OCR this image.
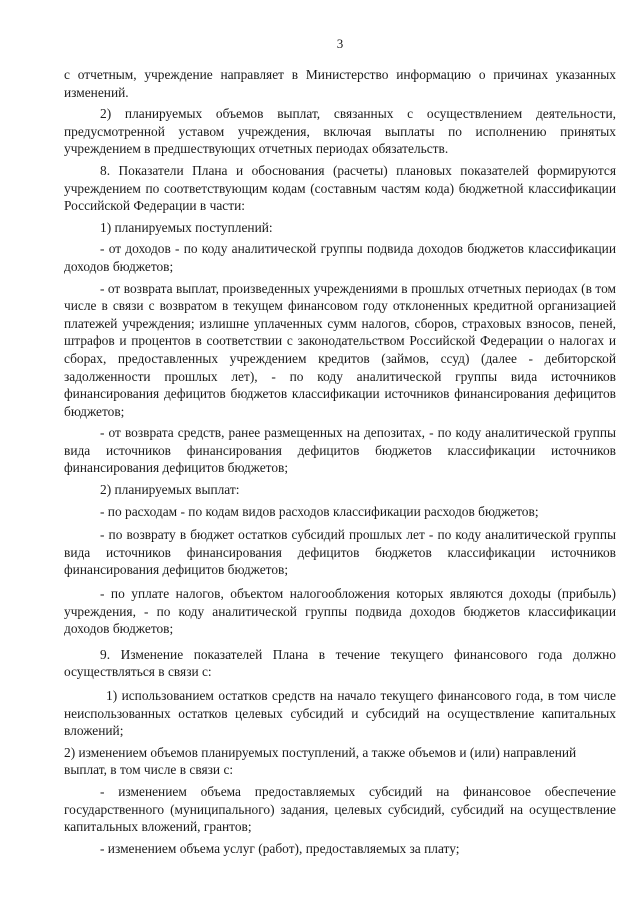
3

с отчетным, учреждение направляет в Министерство информацию о причинах указанных изменений.

2) планируемых объемов выплат, связанных с осуществлением деятельности, предусмотренной уставом учреждения, включая выплаты по исполнению принятых учреждением в предшествующих отчетных периодах обязательств.

8. Показатели Плана и обоснования (расчеты) плановых показателей формируются учреждением по соответствующим кодам (составным частям кода) бюджетной классификации Российской Федерации в части:

1) планируемых поступлений:

- от доходов - по коду аналитической группы подвида доходов бюджетов классификации доходов бюджетов;

- от возврата выплат, произведенных учреждениями в прошлых отчетных периодах (в том числе в связи с возвратом в текущем финансовом году отклоненных кредитной организацией платежей учреждения; излишне уплаченных сумм налогов, сборов, страховых взносов, пеней, штрафов и процентов в соответствии с законодательством Российской Федерации о налогах и сборах, предоставленных учреждением кредитов (займов, ссуд) (далее - дебиторской задолженности прошлых лет), - по коду аналитической группы вида источников финансирования дефицитов бюджетов классификации источников финансирования дефицитов бюджетов;

- от возврата средств, ранее размещенных на депозитах, - по коду аналитической группы вида источников финансирования дефицитов бюджетов классификации источников финансирования дефицитов бюджетов;

2) планируемых выплат:

- по расходам - по кодам видов расходов классификации расходов бюджетов;

- по возврату в бюджет остатков субсидий прошлых лет - по коду аналитической группы вида источников финансирования дефицитов бюджетов классификации источников финансирования дефицитов бюджетов;

- по уплате налогов, объектом налогообложения которых являются доходы (прибыль) учреждения, - по коду аналитической группы подвида доходов бюджетов классификации доходов бюджетов;

9. Изменение показателей Плана в течение текущего финансового года должно осуществляться в связи с:

1) использованием остатков средств на начало текущего финансового года, в том числе неиспользованных остатков целевых субсидий и субсидий на осуществление капитальных вложений;

2) изменением объемов планируемых поступлений, а также объемов и (или) направлений выплат, в том числе в связи с:

- изменением объема предоставляемых субсидий на финансовое обеспечение государственного (муниципального) задания, целевых субсидий, субсидий на осуществление капитальных вложений, грантов;

- изменением объема услуг (работ), предоставляемых за плату;
